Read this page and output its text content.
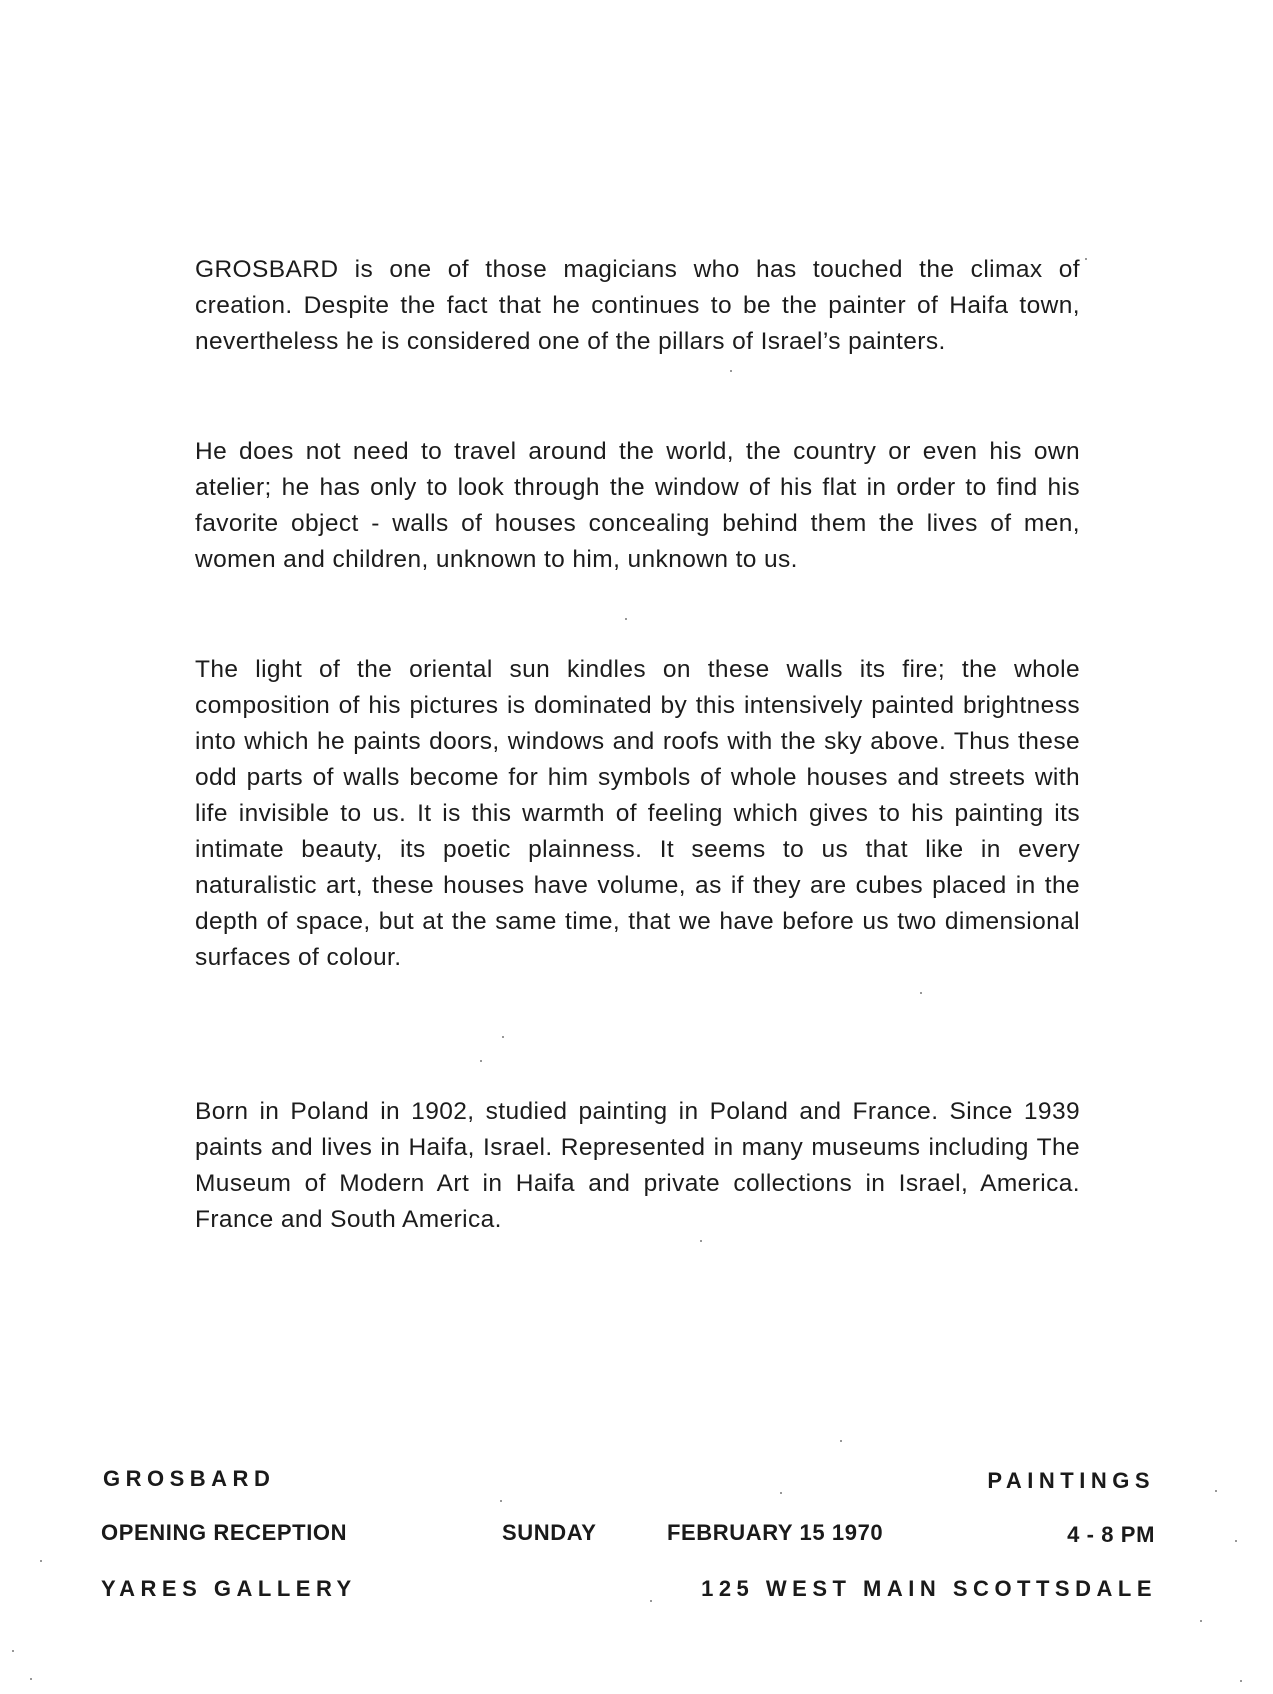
GROSBARD is one of those magicians who has touched the climax of creation. Despite the fact that he continues to be the painter of Haifa town, nevertheless he is considered one of the pillars of Israel’s painters.

He does not need to travel around the world, the country or even his own atelier; he has only to look through the window of his flat in order to find his favorite object - walls of houses concealing behind them the lives of men, women and children, unknown to him, unknown to us.

The light of the oriental sun kindles on these walls its fire; the whole composition of his pictures is dominated by this intensively painted brightness into which he paints doors, windows and roofs with the sky above. Thus these odd parts of walls become for him symbols of whole houses and streets with life invisible to us. It is this warmth of feeling which gives to his painting its intimate beauty, its poetic plainness. It seems to us that like in every naturalistic art, these houses have volume, as if they are cubes placed in the depth of space, but at the same time, that we have before us two dimensional surfaces of colour.

Born in Poland in 1902, studied painting in Poland and France. Since 1939 paints and lives in Haifa, Israel. Represented in many museums including The Museum of Modern Art in Haifa and private collections in Israel, America. France and South America.

GROSBARD	PAINTINGS
OPENING RECEPTION	SUNDAY	FEBRUARY 15 1970	4 - 8 PM
YARES GALLERY	125 WEST MAIN SCOTTSDALE
